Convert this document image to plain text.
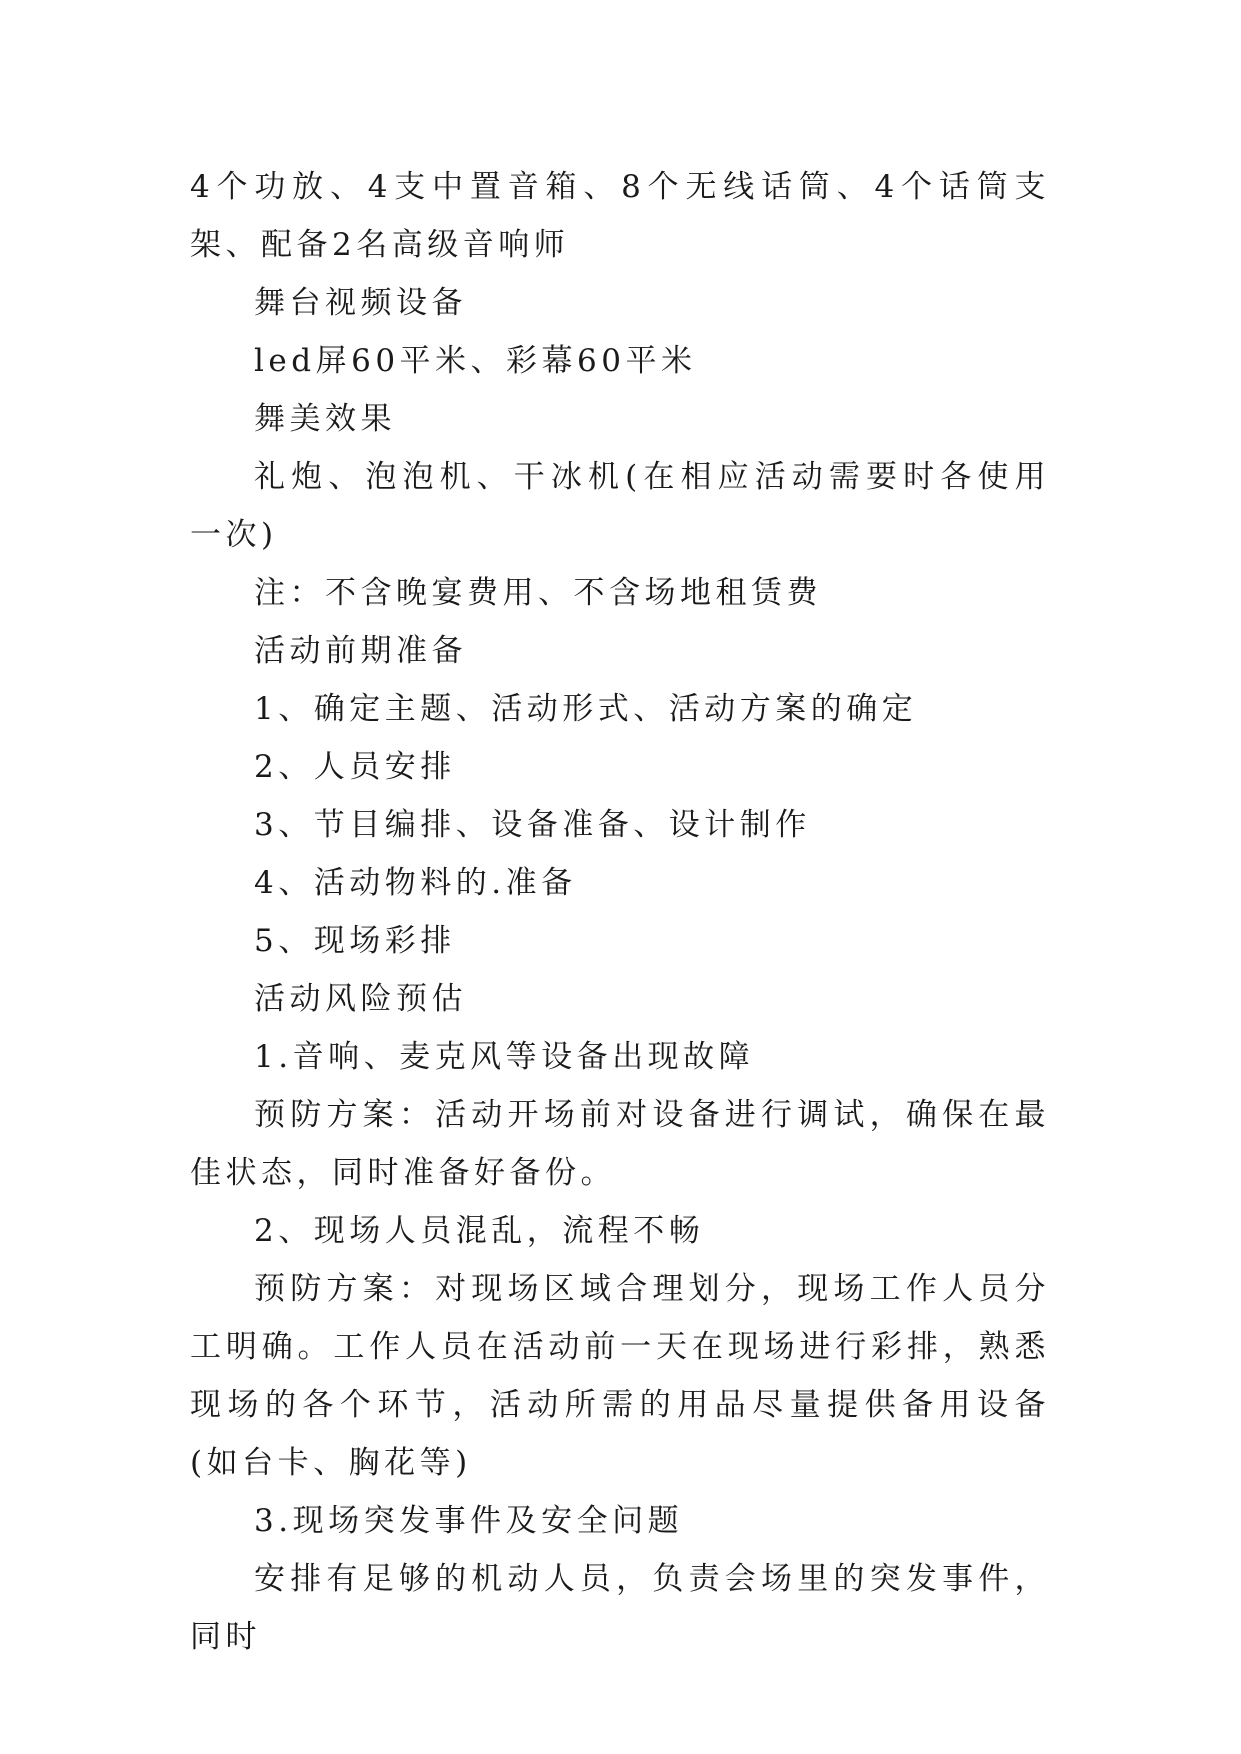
4个功放、4支中置音箱、8个无线话筒、4个话筒支架、配备2名高级音响师

舞台视频设备

led屏60平米、彩幕60平米

舞美效果

礼炮、泡泡机、干冰机(在相应活动需要时各使用一次)

注：不含晚宴费用、不含场地租赁费

活动前期准备

1、确定主题、活动形式、活动方案的确定

2、人员安排

3、节目编排、设备准备、设计制作

4、活动物料的.准备

5、现场彩排

活动风险预估

1.音响、麦克风等设备出现故障

预防方案：活动开场前对设备进行调试，确保在最佳状态，同时准备好备份。

2、现场人员混乱，流程不畅

预防方案：对现场区域合理划分，现场工作人员分工明确。工作人员在活动前一天在现场进行彩排，熟悉现场的各个环节，活动所需的用品尽量提供备用设备(如台卡、胸花等)

3.现场突发事件及安全问题

安排有足够的机动人员，负责会场里的突发事件，同时
